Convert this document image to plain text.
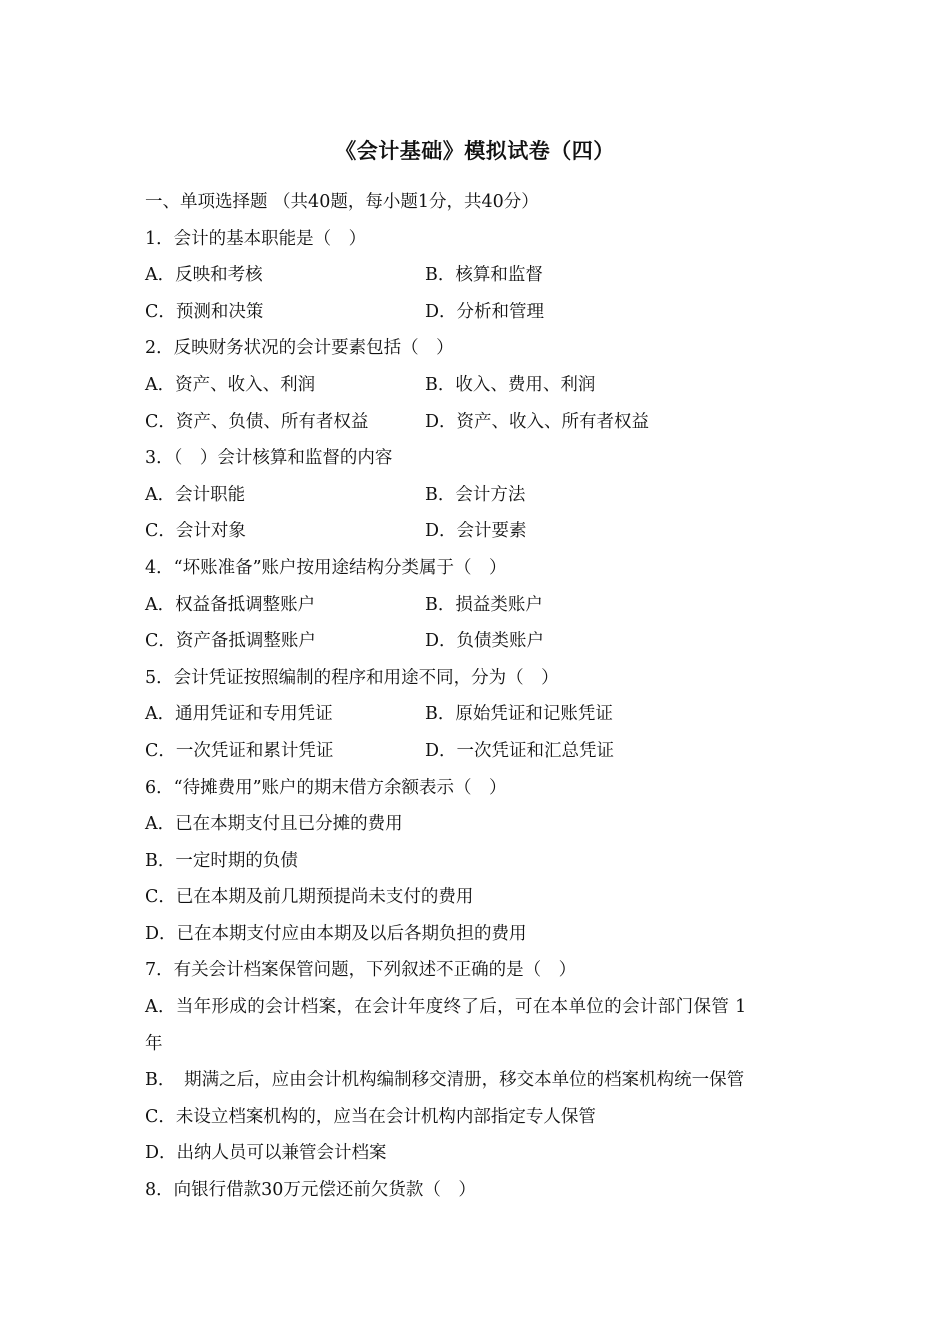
《会计基础》模拟试卷（四）
一、单项选择题 （共40题，每小题1分，共40分）
1．会计的基本职能是（　）
A．反映和考核	B．核算和监督
C．预测和决策	D．分析和管理
2．反映财务状况的会计要素包括（　）
A．资产、收入、利润	B．收入、费用、利润
C．资产、负债、所有者权益	D．资产、收入、所有者权益
3．（　）会计核算和监督的内容
A．会计职能	B．会计方法
C．会计对象	D．会计要素
4．“坏账准备”账户按用途结构分类属于（　）
A．权益备抵调整账户	B．损益类账户
C．资产备抵调整账户	D．负债类账户
5．会计凭证按照编制的程序和用途不同，分为（　）
A．通用凭证和专用凭证	B．原始凭证和记账凭证
C．一次凭证和累计凭证	D．一次凭证和汇总凭证
6．“待摊费用”账户的期末借方余额表示（　）
A．已在本期支付且已分摊的费用
B．一定时期的负债
C．已在本期及前几期预提尚未支付的费用
D．已在本期支付应由本期及以后各期负担的费用
7．有关会计档案保管问题，下列叙述不正确的是（　）
A．当年形成的会计档案，在会计年度终了后，可在本单位的会计部门保管 1
年
B．　期满之后，应由会计机构编制移交清册，移交本单位的档案机构统一保管
C．未设立档案机构的，应当在会计机构内部指定专人保管
D．出纳人员可以兼管会计档案
8．向银行借款30万元偿还前欠货款（　）
